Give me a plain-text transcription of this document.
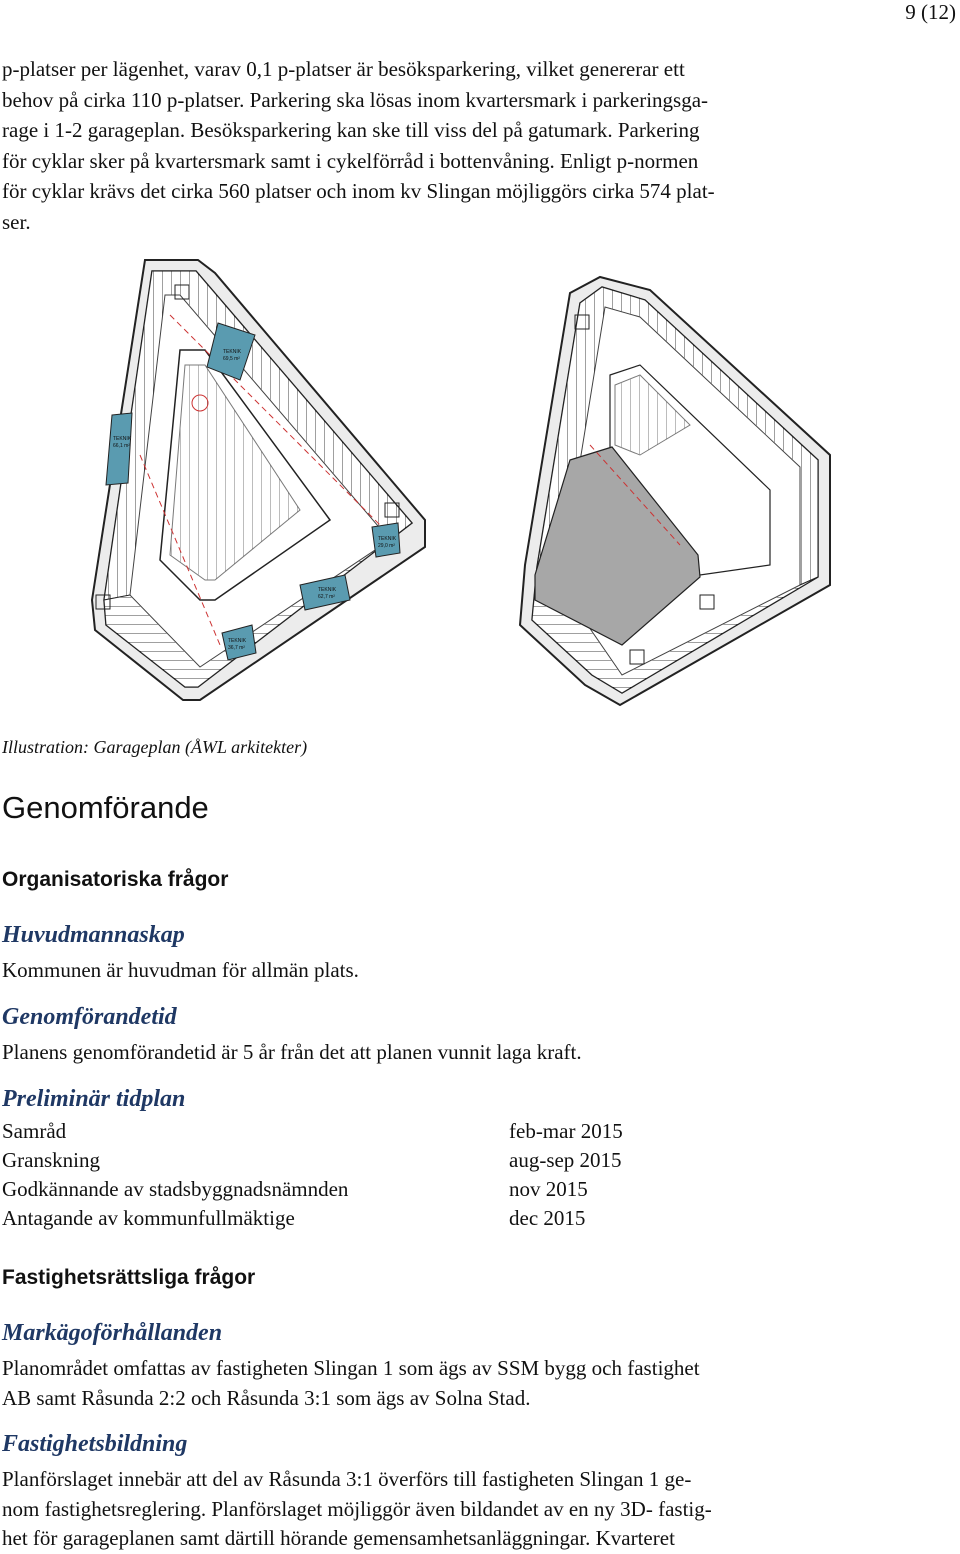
9 (12)
p-platser per lägenhet, varav 0,1 p-platser är besöksparkering, vilket genererar ett
behov på cirka 110 p-platser. Parkering ska lösas inom kvartersmark i parkeringsga-
rage i 1-2 garageplan. Besöksparkering kan ske till viss del på gatumark. Parkering
för cyklar sker på kvartersmark samt i cykelförråd i bottenvåning. Enligt p-normen
för cyklar krävs det cirka 560 platser och inom kv Slingan möjliggörs cirka 574 plat-
ser.
TEKNIK
69,5 m²
TEKNIK
66,1 m²
TEKNIK
29,0 m²
TEKNIK
62,7 m²
TEKNIK
36,7 m²
Illustration: Garageplan (ÅWL arkitekter)
Genomförande
Organisatoriska frågor
Huvudmannaskap

Kommunen är huvudman för allmän plats.

Genomförandetid

Planens genomförandetid är 5 år från det att planen vunnit laga kraft.

Preliminär tidplan
Samråd	feb-mar 2015
Granskning	aug-sep 2015
Godkännande av stadsbyggnadsnämnden	nov 2015
Antagande av kommunfullmäktige	dec 2015
Fastighetsrättsliga frågor
Markägoförhållanden
Planområdet omfattas av fastigheten Slingan 1 som ägs av SSM bygg och fastighet
AB samt Råsunda 2:2 och Råsunda 3:1 som ägs av Solna Stad.
Fastighetsbildning
Planförslaget innebär att del av Råsunda 3:1 överförs till fastigheten Slingan 1 ge-
nom fastighetsreglering. Planförslaget möjliggör även bildandet av en ny 3D- fastig-
het för garageplanen samt därtill hörande gemensamhetsanläggningar. Kvarteret
